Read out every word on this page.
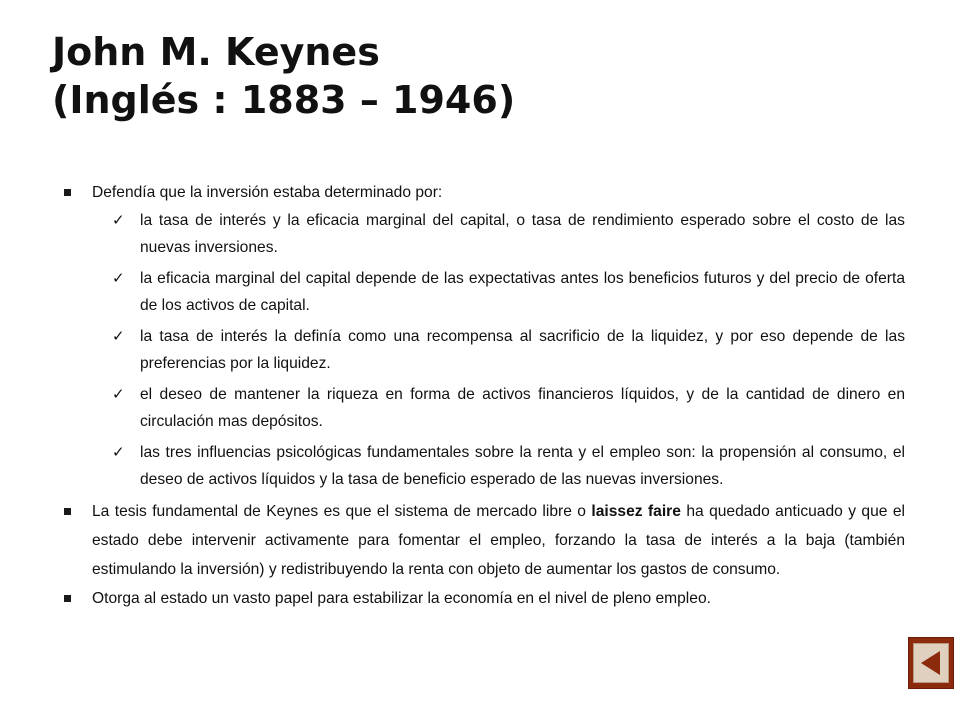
John M. Keynes
(Inglés : 1883 – 1946)

Defendía que la inversión estaba determinado por:

✓ la tasa de interés y la eficacia marginal del capital, o tasa de rendimiento esperado sobre el costo de las nuevas inversiones.

✓ la eficacia marginal del capital depende de las expectativas antes los beneficios futuros y del precio de oferta de los activos de capital.

✓ la tasa de interés la definía como una recompensa al sacrificio de la liquidez, y por eso depende de las preferencias por la liquidez.

✓ el deseo de mantener la riqueza en forma de activos financieros líquidos, y de la cantidad de dinero en circulación mas depósitos.

✓ las tres influencias psicológicas fundamentales sobre la renta y el empleo son: la propensión al consumo, el deseo de activos líquidos y la tasa de beneficio esperado de las nuevas inversiones.

La tesis fundamental de Keynes es que el sistema de mercado libre o laissez faire ha quedado anticuado y que el estado debe intervenir activamente para fomentar el empleo, forzando la tasa de interés a la baja (también estimulando la inversión) y redistribuyendo la renta con objeto de aumentar los gastos de consumo.

Otorga al estado un vasto papel para estabilizar la economía en el nivel de pleno empleo.
